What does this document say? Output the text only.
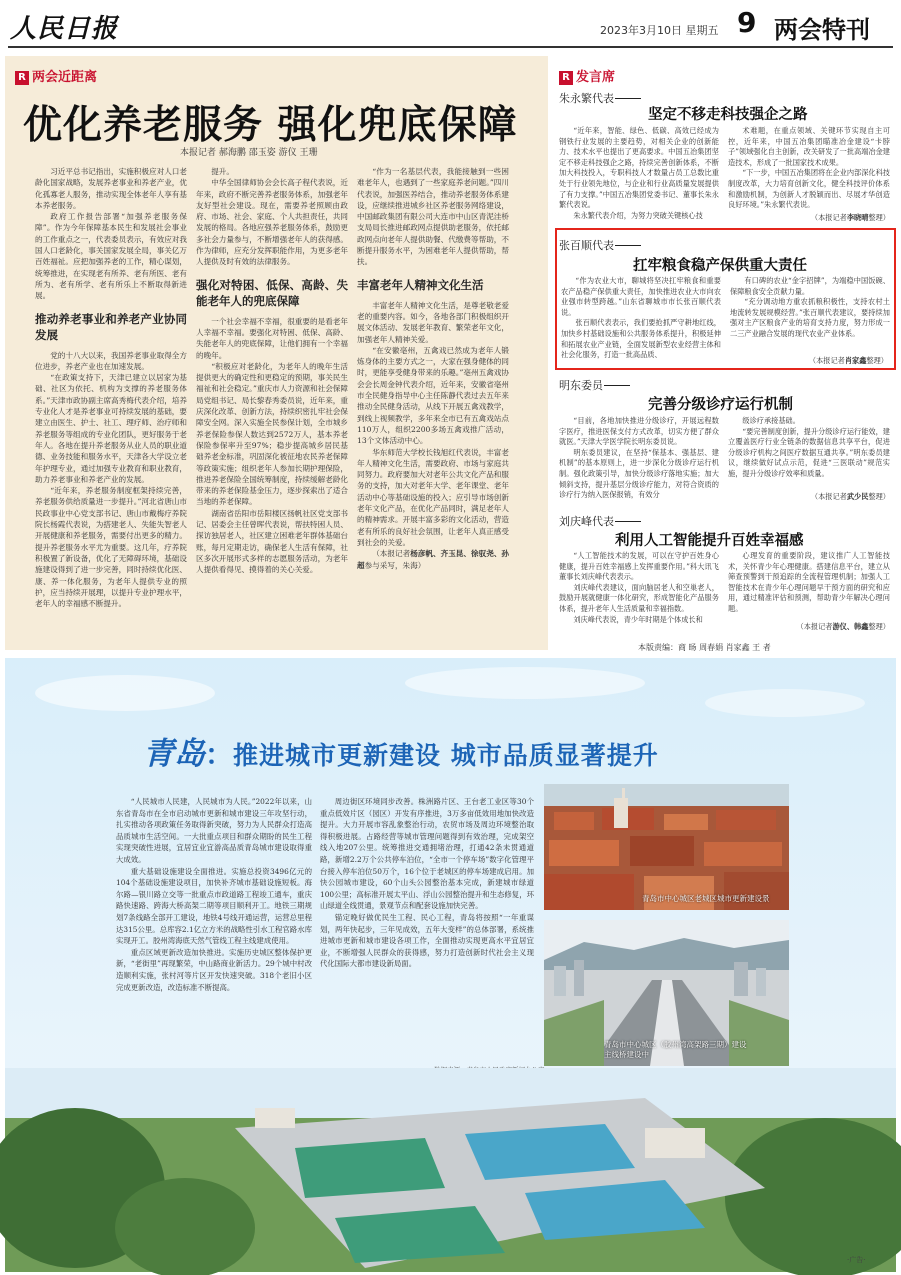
人民日报	2023年3月10日 星期五 9 两会特刊
R 两会近距离
优化养老服务 强化兜底保障
本报记者 郝海鹏 邵玉姿 游仪 王珊

习近平总书记指出，实施积极应对人口老龄化国家战略，发展养老事业和养老产业，优化孤寡老人服务，推动实现全体老年人享有基本养老服务。

政府工作报告部署“加强养老服务保障”。作为今年保障基本民生和发展社会事业的工作重点之一，代表委员表示，有效应对我国人口老龄化，事关国家发展全局，事关亿万百姓福祉。应把加强养老的工作，精心谋划，统筹推进，在实现老有所养、老有所医、老有所为、老有所学、老有所乐上不断取得新进展。

推动养老事业和养老产业协同发展

党的十八大以来，我国养老事业取得全方位进步，养老产业也在加速发展。

“在政策支持下，天津已建立以居家为基础、社区为依托、机构为支撑的养老服务体系。”天津市政协副主席高秀梅代表介绍，培养专业化人才是养老事业可持续发展的基础，要建立由医生、护士、社工、理疗师、治疗师和养老服务等组成的专业化团队，更好服务于老年人。各地在提升养老服务从业人员的职业道德、业务技能和服务水平，天津各大学设立老年护理专业，通过加强专业教育和职业教育，助力养老事业和养老产业的发展。

“近年来，养老服务制度框架持续完善，养老服务供给质量进一步提升。”河北省唐山市民政事业中心党支部书记、唐山市戴梅疗养院院长杨霞代表说，为搭建老人、失能失智老人开展健康和养老服务，需要付出更多的精力。提升养老服务水平尤为重要。这几年，疗养院积极置了新设备，优化了无障碍环境，基础设施建设得到了进一步完善，同时持续优化医、康、养一体化服务，为老年人提供专业的照护，应当持续开展理，以提升专业护理水平，老年人的幸福感不断提升。

提升。

中华全国律师协会会长高子程代表说，近年来，政府不断完善养老服务体系，加强老年友好型社会建设。现在，需要养老照顾由政府、市场、社会、家庭、个人共担责任，共同发展的格局。各地应强养老服务体系，鼓励更多社会力量参与，不断增强老年人的获得感。作为律师，应充分发挥职能作用，为更多老年人提供及时有效的法律服务。

强化对特困、低保、高龄、失能老年人的兜底保障

一个社会幸福不幸福，很重要的是看老年人幸福不幸福。要强化对特困、低保、高龄、失能老年人的兜底保障，让他们拥有一个幸福的晚年。

“积极应对老龄化，为老年人的晚年生活提供更大的确定性和更稳定的预期，事关民生福祉和社会稳定。”重庆市人力资源和社会保障局党组书记、局长黎春秀委员说，近年来，重庆深化改革、创新方法，持续织密扎牢社会保障安全网。深入实施全民参保计划，全市城乡养老保险参保人数达到2572万人，基本养老保险参保率升至97%；稳步提高城乡居民基础养老金标准，巩固深化被征地农民养老保障等政策实施；组织老年人参加长期护理保险，推进养老保险全国统筹制度，持续缓解老龄化带来的养老保险基金压力，逐步探索出了适合当地的养老保障。

湖南省岳阳市岳阳楼区扬帆社区党支部书记、居委会主任曾晖代表说，帮扶特困人员、探访独居老人，社区建立困难老年群体基础台账，每月定期走访，确保老人生活有保障，社区多次开展形式多样的志愿服务活动，为老年人提供看得见、摸得着的关心关爱。

“作为一名基层代表，我能接触到一些困难老年人，也遇到了一些家庭养老问题。”四川代表说，加强医养结合，推动养老服务体系建设，应继续推进城乡社区养老服务网络建设，中国邮政集团有限公司大连市中山区青泥洼桥支局局长推进邮政网点提供助老服务，依托邮政网点向老年人提供助餐、代缴费等帮助，不断提升服务水平，为困难老年人提供帮助，帮扶。

丰富老年人精神文化生活

丰富老年人精神文化生活，是尊老敬老爱老的重要内容。如今，各地各部门积极组织开展文体活动、发展老年教育、繁荣老年文化，加强老年人精神关爱。

“在安徽亳州，五禽戏已然成为老年人锻炼身体的主要方式之一，大家在强身健体的同时，更能享受健身带来的乐趣。”亳州五禽戏协会会长周金钟代表介绍，近年来，安徽省亳州市全民健身指导中心主任陈静代表过去五年来推动全民健身活动，从线下开展五禽戏教学，到线上视频教学，多年来全市已有五禽戏站点110万人，组织2200多场五禽戏推广活动，13个文体活动中心。

华东师范大学校长钱旭红代表说，丰富老年人精神文化生活，需要政府、市场与家庭共同努力。政府要加大对老年公共文化产品和服务的支持，加大对老年大学、老年课堂、老年活动中心等基础设施的投入；应引导市场创新老年文化产品，在优化产品同时，满足老年人的精神需求。开展丰富多彩的文化活动，营造老有所乐的良好社会氛围，让老年人真正感受到社会的关爱。

（本报记者杨彦帆、齐玉昆、徐驭尧、孙超参与采写，朱海）

R 发言席
朱永繁代表
坚定不移走科技强企之路

“近年来，智能、绿色、低碳、高效已经成为钢铁行业发展的主要趋势，对相关企业的创新能力、技术水平也提出了更高要求。中国五冶集团坚定不移走科技强企之路，持续完善创新体系，不断加大科技投入，专职科技人才数量占员工总数比重处于行业领先地位，与企业和行业高质量发展提供了有力支撑。”中国五冶集团党委书记、董事长朱永繁代表说。

朱永繁代表介绍，为努力突破关键核心技

术难题，在重点领域、关键环节实现自主可控，近年来，中国五冶集团瞄准冶金建设“卡脖子”领域强化自主创新，改关研发了一批高端冶金建造技术，形成了一批国家技术成果。

“下一步，中国五冶集团将在企业内部深化科技制度改革，大力培育创新文化，健全科技评价体系和激励机制，为创新人才脱颖而出、尽展才华创造良好环境。”朱永繁代表说。

（本报记者李晓晴整理）
张百顺代表
扛牢粮食稳产保供重大责任

“作为农业大市，聊城将坚决扛牢粮食和重要农产品稳产保供重大责任，加快推进农业大市向农业强市转型跨越。”山东省聊城市市长张百顺代表说。

张百顺代表表示，我们要抢抓严守耕地红线，加快乡村基础设施和公共服务体系提升，积极延伸和拓展农业产业链，全面发展新型农业经营主体和社会化服务，打造一批高品质、

有口碑的农业“金字招牌”，为端稳中国饭碗、保障粮食安全贡献力量。

“充分调动地方重农抓粮积极性，支持农村土地流转发展规模经营。”张百顺代表建议，要持续加强对主产区粮食产业的培育支持力度，努力形成一二三产业融合发展的现代农业产业体系。

（本报记者肖家鑫整理）
明东委员
完善分级诊疗运行机制

“目前，各地加快推进分级诊疗，开展远程数字医疗，推进医保支付方式改革，切实方便了群众就医。”天津大学医学院长明东委员说。

明东委员建议，在坚持“保基本、强基层、建机制”的基本原则上，进一步深化分级诊疗运行机制。强化政策引导，加快分级诊疗落地实施；加大倾斜支持，提升基层分级诊疗能力，对符合资质的诊疗行为纳入医保报销，有效分

级诊疗承接基础。

“要完善制度创新，提升分级诊疗运行能效，建立覆盖医疗行业全链条的数据信息共享平台，促进分级诊疗机构之间医疗数据互通共享。”明东委员建议，继续做好试点示范，促进“三医联动”规范实施，提升分级诊疗效率和质量。

（本报记者武少民整理）
刘庆峰代表
利用人工智能提升百姓幸福感

“人工智能技术的发展，可以在守护百姓身心健康，提升百姓幸福感上发挥重要作用。”科大讯飞董事长刘庆峰代表表示。

刘庆峰代表建议，面向脑居老人和空巢老人，鼓励开展就健康一体化研究，形成智能化产品服务体系，提升老年人生活质量和幸福指数。

刘庆峰代表说，青少年时期是个体成长和

心理发育的重要阶段，建议推广人工智能技术，关怀青少年心理健康。搭建信息平台，建立从筛查预警到干预追踪的全流程管理机制；加强人工智能技术在青少年心理问题早干预方面的研究和应用，通过精准评估和预测，帮助青少年解决心理问题。

（本报记者游仪、韩鑫整理）
本版责编：商 旸 周春娟 肖家鑫 王 者
青岛：推进城市更新建设 城市品质显著提升

“人民城市人民建，人民城市为人民。”2022年以来，山东省青岛市在全市启动城市更新和城市建设三年攻坚行动，扎实推动各项政策任务取得新突破，努力为人民群众打造高品质城市生活空间。一大批重点项目和群众期盼的民生工程实现突破性进展，宜居宜业宜游高品质青岛城市建设取得重大成效。

重大基础设施建设全面推进。实施总投资3496亿元的104个基础设施建设项目，加快补齐城市基础设施短板。海尔路—银川路立交等一批重点市政道路工程竣工通车，重庆路快速路、跨海大桥高架二期等项目顺利开工。地铁三期规划7条线路全部开工建设，地铁4号线开通运营，运营总里程达315公里。总库容2.1亿立方米的战略性引水工程官路水库实现开工。胶州湾海底天然气管线工程主线建成使用。

重点区域更新改造加快推进。实施历史城区整体保护更新，“老街里”再现繁荣，中山路商业新活力。29个城中村改造顺利实施，张村河等片区开发快速突破。318个老旧小区完成更新改造，改造标准不断提高。

周边街区环境同步改善。株洲路片区、王台老工业区等30个重点低效片区（园区）开发有序推进，3万多亩低效用地加快改造提升。大力开展市容乱象整治行动，农贸市场及周边环境整治取得积极进展。占路经营等城市管理问题得到有效治理，完成架空线入地207公里。统筹推进交通拥堵治理，打通42条未贯通道路，新增2.2万个公共停车泊位，“全市一个停车场”数字化管理平台接入停车泊位50万个，16个位于老城区的停车场建成启用。加快公园城市建设，60个山头公园整治基本完成，新建城市绿道100公里；高标准开展太平山、浮山公园整治提升和生态修复，环山绿道全线贯通，景观节点和配套设施加快完善。

锚定晚好做优民生工程、民心工程，青岛将按照“一年重谋划，两年快起步，三年见成效，五年大变样”的总体部署，系统推进城市更新和城市建设各项工作，全面推动实现更高水平宜居宜业，不断增强人民群众的获得感，努力打造创新时代社会主义现代化国际大都市建设新局面。

青岛市中心城区老城区城市更新建设景
青岛市中心城区（胶州湾高架路三期）建设
主线桥建设中
·广告·
